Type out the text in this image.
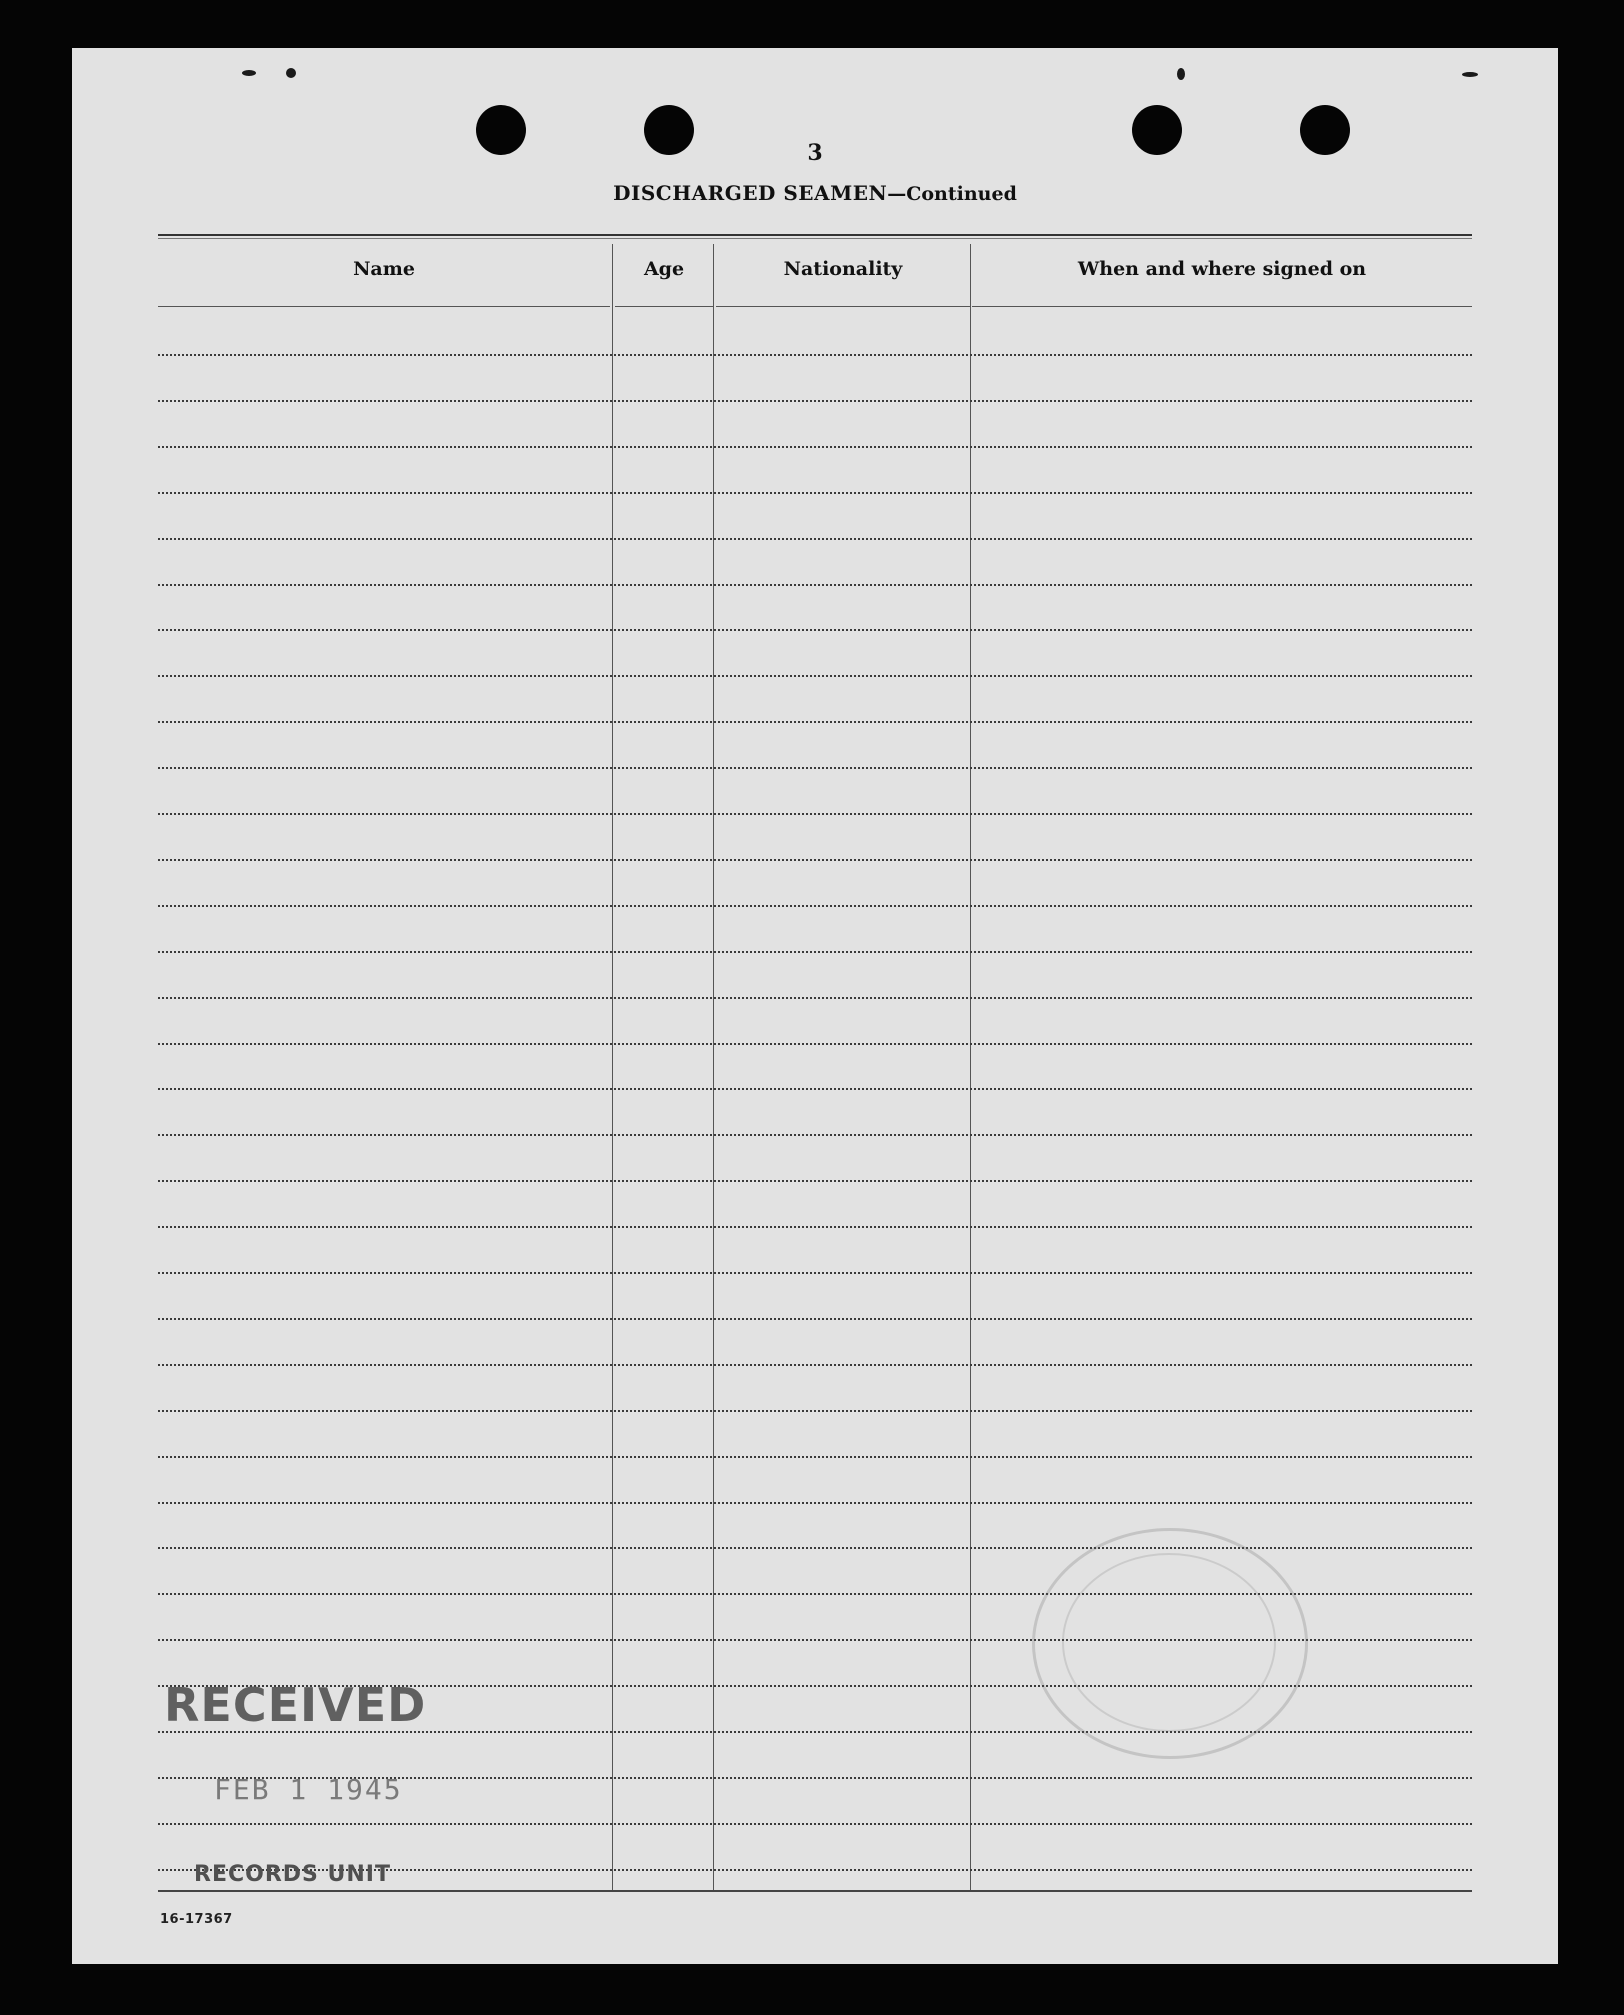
3
DISCHARGED SEAMEN—Continued
Name	Age	Nationality	When and where signed on
RECEIVED
FEB 1 1945
RECORDS UNIT
16-17367
